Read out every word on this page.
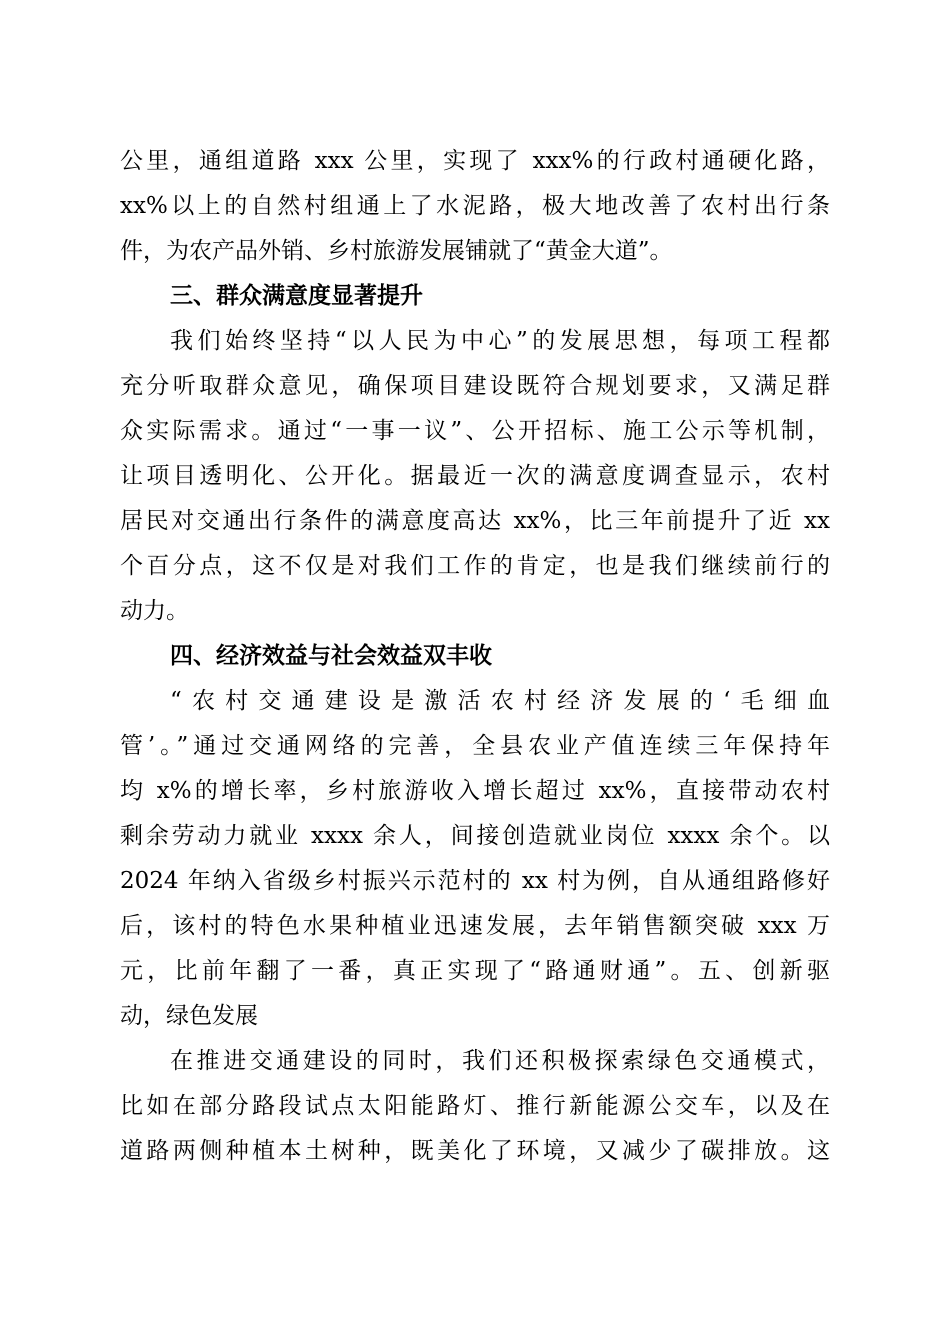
公里，通组道路 xxx 公里，实现了 xxx%的行政村通硬化路，
xx%以上的自然村组通上了水泥路，极大地改善了农村出行条
件，为农产品外销、乡村旅游发展铺就了“黄金大道”。
三、群众满意度显著提升
我们始终坚持“以人民为中心”的发展思想，每项工程都
充分听取群众意见，确保项目建设既符合规划要求，又满足群
众实际需求。通过“一事一议”、公开招标、施工公示等机制，
让项目透明化、公开化。据最近一次的满意度调查显示，农村
居民对交通出行条件的满意度高达 xx%，比三年前提升了近 xx
个百分点，这不仅是对我们工作的肯定，也是我们继续前行的
动力。
四、经济效益与社会效益双丰收
“农村交通建设是激活农村经济发展的‘毛细血
管’。”通过交通网络的完善，全县农业产值连续三年保持年
均 x%的增长率，乡村旅游收入增长超过 xx%，直接带动农村
剩余劳动力就业 xxxx 余人，间接创造就业岗位 xxxx 余个。以
2024 年纳入省级乡村振兴示范村的 xx 村为例，自从通组路修好
后，该村的特色水果种植业迅速发展，去年销售额突破 xxx 万
元，比前年翻了一番，真正实现了“路通财通”。五、创新驱
动，绿色发展
在推进交通建设的同时，我们还积极探索绿色交通模式，
比如在部分路段试点太阳能路灯、推行新能源公交车，以及在
道路两侧种植本土树种，既美化了环境，又减少了碳排放。这
